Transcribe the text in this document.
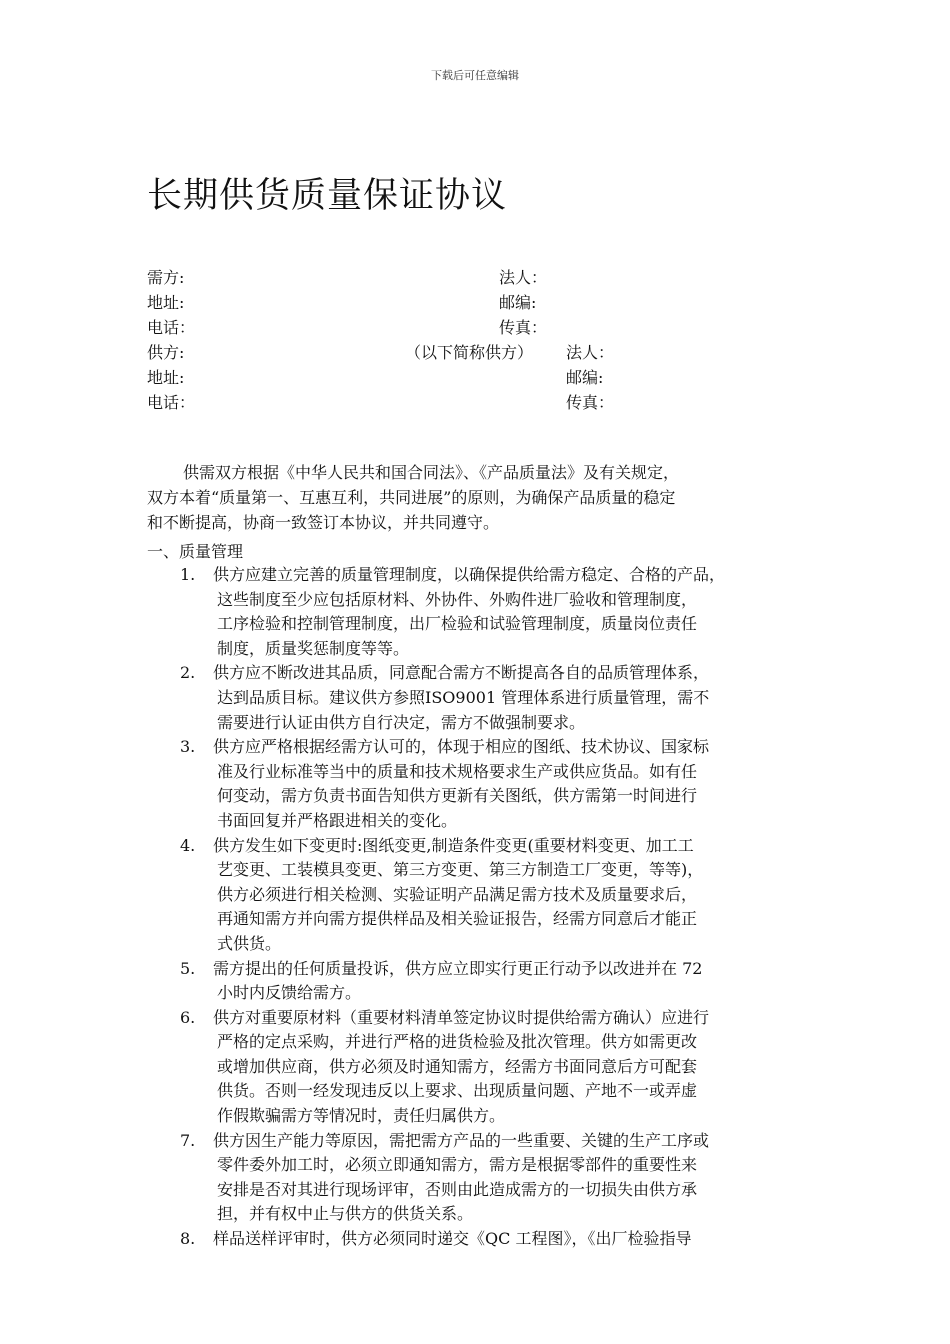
下载后可任意编辑
长期供货质量保证协议
需方:	法人：
地址:	邮编:
电话：	传真：
供方:	（以下简称供方） 法人：
地址:	邮编:
电话：	传真：

供需双方根据《中华人民共和国合同法》、《产品质量法》及有关规定，
双方本着“质量第一、互惠互利，共同进展”的原则，为确保产品质量的稳定
和不断提高，协商一致签订本协议，并共同遵守。

一、质量管理
1. 供方应建立完善的质量管理制度，以确保提供给需方稳定、合格的产品，
这些制度至少应包括原材料、外协件、外购件进厂验收和管理制度，
工序检验和控制管理制度，出厂检验和试验管理制度，质量岗位责任
制度，质量奖惩制度等等。
2. 供方应不断改进其品质，同意配合需方不断提高各自的品质管理体系，
达到品质目标。建议供方参照ISO9001 管理体系进行质量管理，需不
需要进行认证由供方自行决定，需方不做强制要求。
3. 供方应严格根据经需方认可的，体现于相应的图纸、技术协议、国家标
准及行业标准等当中的质量和技术规格要求生产或供应货品。如有任
何变动，需方负责书面告知供方更新有关图纸，供方需第一时间进行
书面回复并严格跟进相关的变化。
4. 供方发生如下变更时:图纸变更,制造条件变更(重要材料变更、加工工
艺变更、工装模具变更、第三方变更、第三方制造工厂变更，等等)，
供方必须进行相关检测、实验证明产品满足需方技术及质量要求后，
再通知需方并向需方提供样品及相关验证报告，经需方同意后才能正
式供货。
5. 需方提出的任何质量投诉，供方应立即实行更正行动予以改进并在 72
小时内反馈给需方。
6. 供方对重要原材料（重要材料清单签定协议时提供给需方确认）应进行
严格的定点采购，并进行严格的进货检验及批次管理。供方如需更改
或增加供应商，供方必须及时通知需方，经需方书面同意后方可配套
供货。否则一经发现违反以上要求、出现质量问题、产地不一或弄虚
作假欺骗需方等情况时，责任归属供方。
7. 供方因生产能力等原因，需把需方产品的一些重要、关键的生产工序或
零件委外加工时，必须立即通知需方，需方是根据零部件的重要性来
安排是否对其进行现场评审，否则由此造成需方的一切损失由供方承
担，并有权中止与供方的供货关系。
8. 样品送样评审时，供方必须同时递交《QC 工程图》，《出厂检验指导
